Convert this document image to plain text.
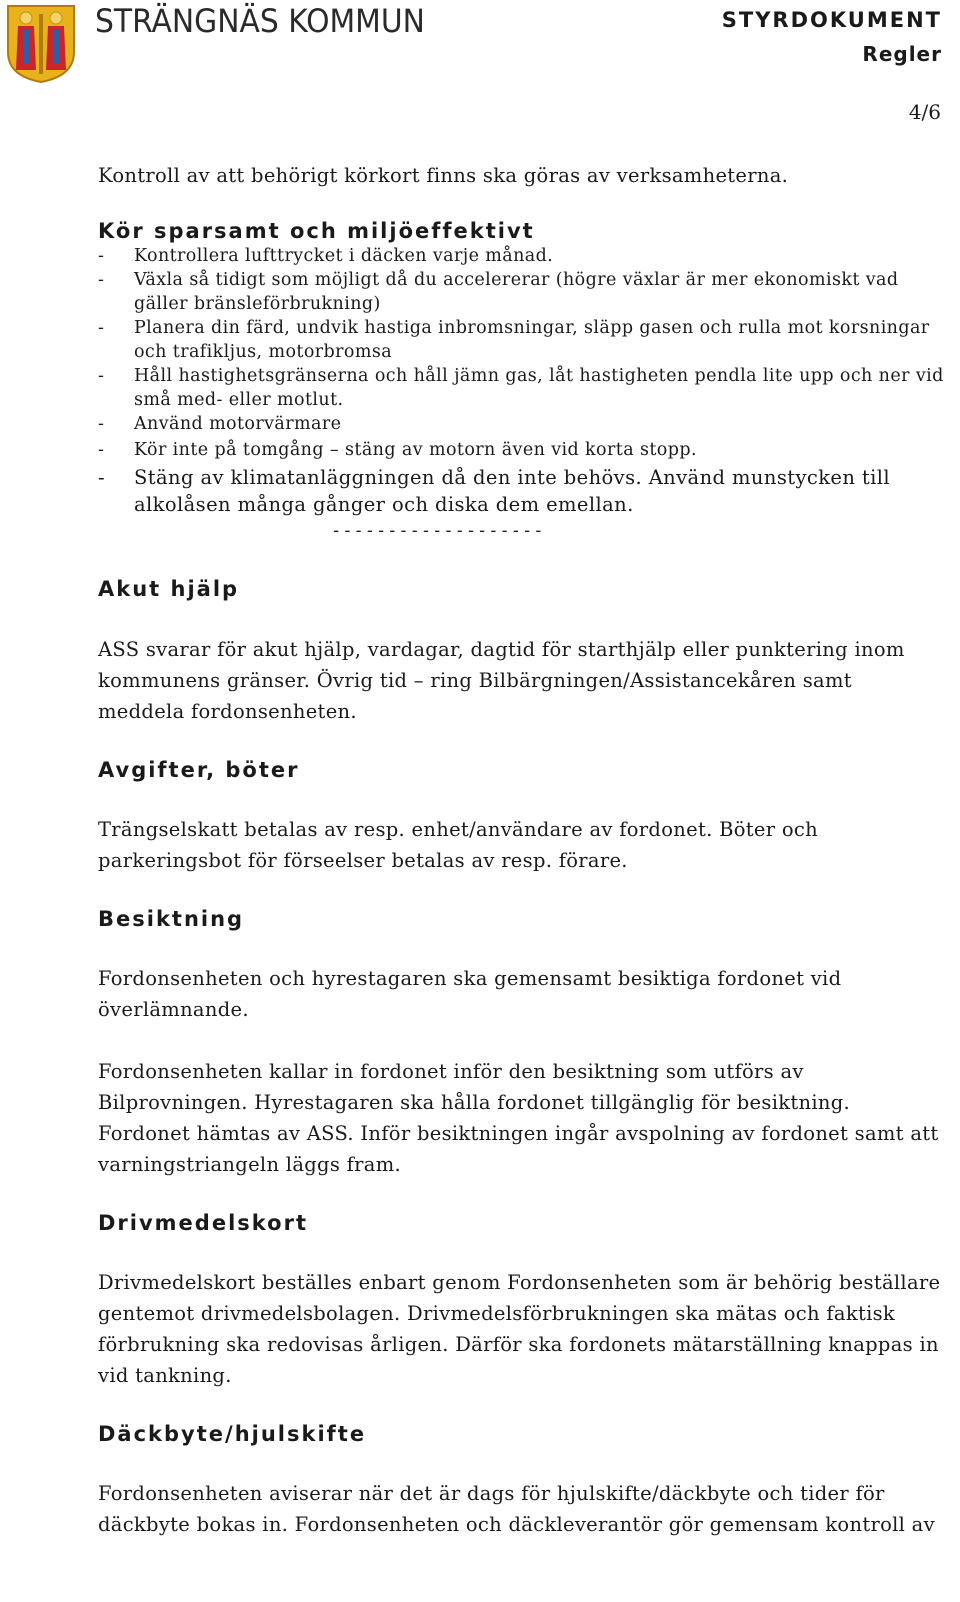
STRÄNGNÄS KOMMUN	STYRDOKUMENT
Regler
4/6

Kontroll av att behörigt körkort finns ska göras av verksamheterna.

Kör sparsamt och miljöeffektivt
- Kontrollera lufttrycket i däcken varje månad.
- Växla så tidigt som möjligt då du accelererar (högre växlar är mer ekonomiskt vad gäller bränsleförbrukning)
- Planera din färd, undvik hastiga inbromsningar, släpp gasen och rulla mot korsningar och trafikljus, motorbromsa
- Håll hastighetsgränserna och håll jämn gas, låt hastigheten pendla lite upp och ner vid små med- eller motlut.
- Använd motorvärmare
- Kör inte på tomgång – stäng av motorn även vid korta stopp.
- Stäng av klimatanläggningen då den inte behövs. Använd munstycken till alkolåsen många gånger och diska dem emellan.
-------------------
Akut hjälp

ASS svarar för akut hjälp, vardagar, dagtid för starthjälp eller punktering inom kommunens gränser. Övrig tid – ring Bilbärgningen/Assistancekåren samt meddela fordonsenheten.

Avgifter, böter

Trängselskatt betalas av resp. enhet/användare av fordonet. Böter och parkeringsbot för förseelser betalas av resp. förare.

Besiktning

Fordonsenheten och hyrestagaren ska gemensamt besiktiga fordonet vid överlämnande.

Fordonsenheten kallar in fordonet inför den besiktning som utförs av Bilprovningen. Hyrestagaren ska hålla fordonet tillgänglig för besiktning. Fordonet hämtas av ASS. Inför besiktningen ingår avspolning av fordonet samt att varningstriangeln läggs fram.

Drivmedelskort

Drivmedelskort beställes enbart genom Fordonsenheten som är behörig beställare gentemot drivmedelsbolagen. Drivmedelsförbrukningen ska mätas och faktisk förbrukning ska redovisas årligen. Därför ska fordonets mätarställning knappas in vid tankning.

Däckbyte/hjulskifte

Fordonsenheten aviserar när det är dags för hjulskifte/däckbyte och tider för däckbyte bokas in. Fordonsenheten och däckleverantör gör gemensam kontroll av
